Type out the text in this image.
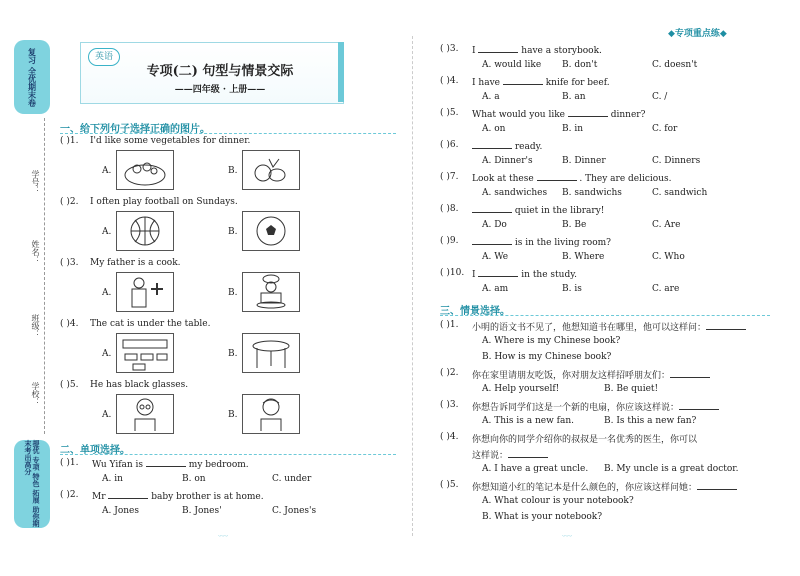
复习 全优期末卷
学号：
姓名：
班级：
学校：
提优 专项 特色 拓展 助你期末考出高分
◆专项重点练◆
英语
专项(二) 句型与情景交际
——四年级 · 上册——
一、给下列句子选择正确的图片。
二、单项选择。
三、情景选择。
﹋	﹋
( )1. I'd like some vegetables for dinner.
A.	B.
( )2. I often play football on Sundays.
A.	B.
( )3. My father is a cook.
A.	B.
( )4. The cat is under the table.
A.	B.
( )5. He has black glasses.
A.	B.
( )1. Wu Yifan is	my bedroom.
A. in	B. on	C. under
( )2. Mr	baby brother is at home.
A. Jones	B. Jones'	C. Jones's
( )3. I	have a storybook.
A. would like B. don't	C. doesn't
( )4. I have	knife for beef.
A. a	B. an	C. /
( )5. What would you like	dinner?
A. on	B. in	C. for
( )6.	ready.
A. Dinner's	B. Dinner	C. Dinners
( )7. Look at these	. They are delicious.
A. sandwiches B. sandwichs	C. sandwich
( )8.	quiet in the library!
A. Do	B. Be	C. Are
( )9.	is in the living room?
A. We	B. Where	C. Who
( )10. I	in the study.
A. am	B. is	C. are
( )1. 小明的语文书不见了，他想知道书在哪里，他可以这样问：
A. Where is my Chinese book?
B. How is my Chinese book?
( )2. 你在家里请朋友吃饭，你对朋友这样招呼朋友们：
A. Help yourself!	B. Be quiet!
( )3. 你想告诉同学们这是一个新的电扇，你应该这样说：
A. This is a new fan.	B. Is this a new fan?
( )4. 你想向你的同学介绍你的叔叔是一名优秀的医生，你可以
这样说：
A. I have a great uncle. B. My uncle is a great doctor.
( )5. 你想知道小红的笔记本是什么颜色的，你应该这样问她：
A. What colour is your notebook?
B. What is your notebook?
